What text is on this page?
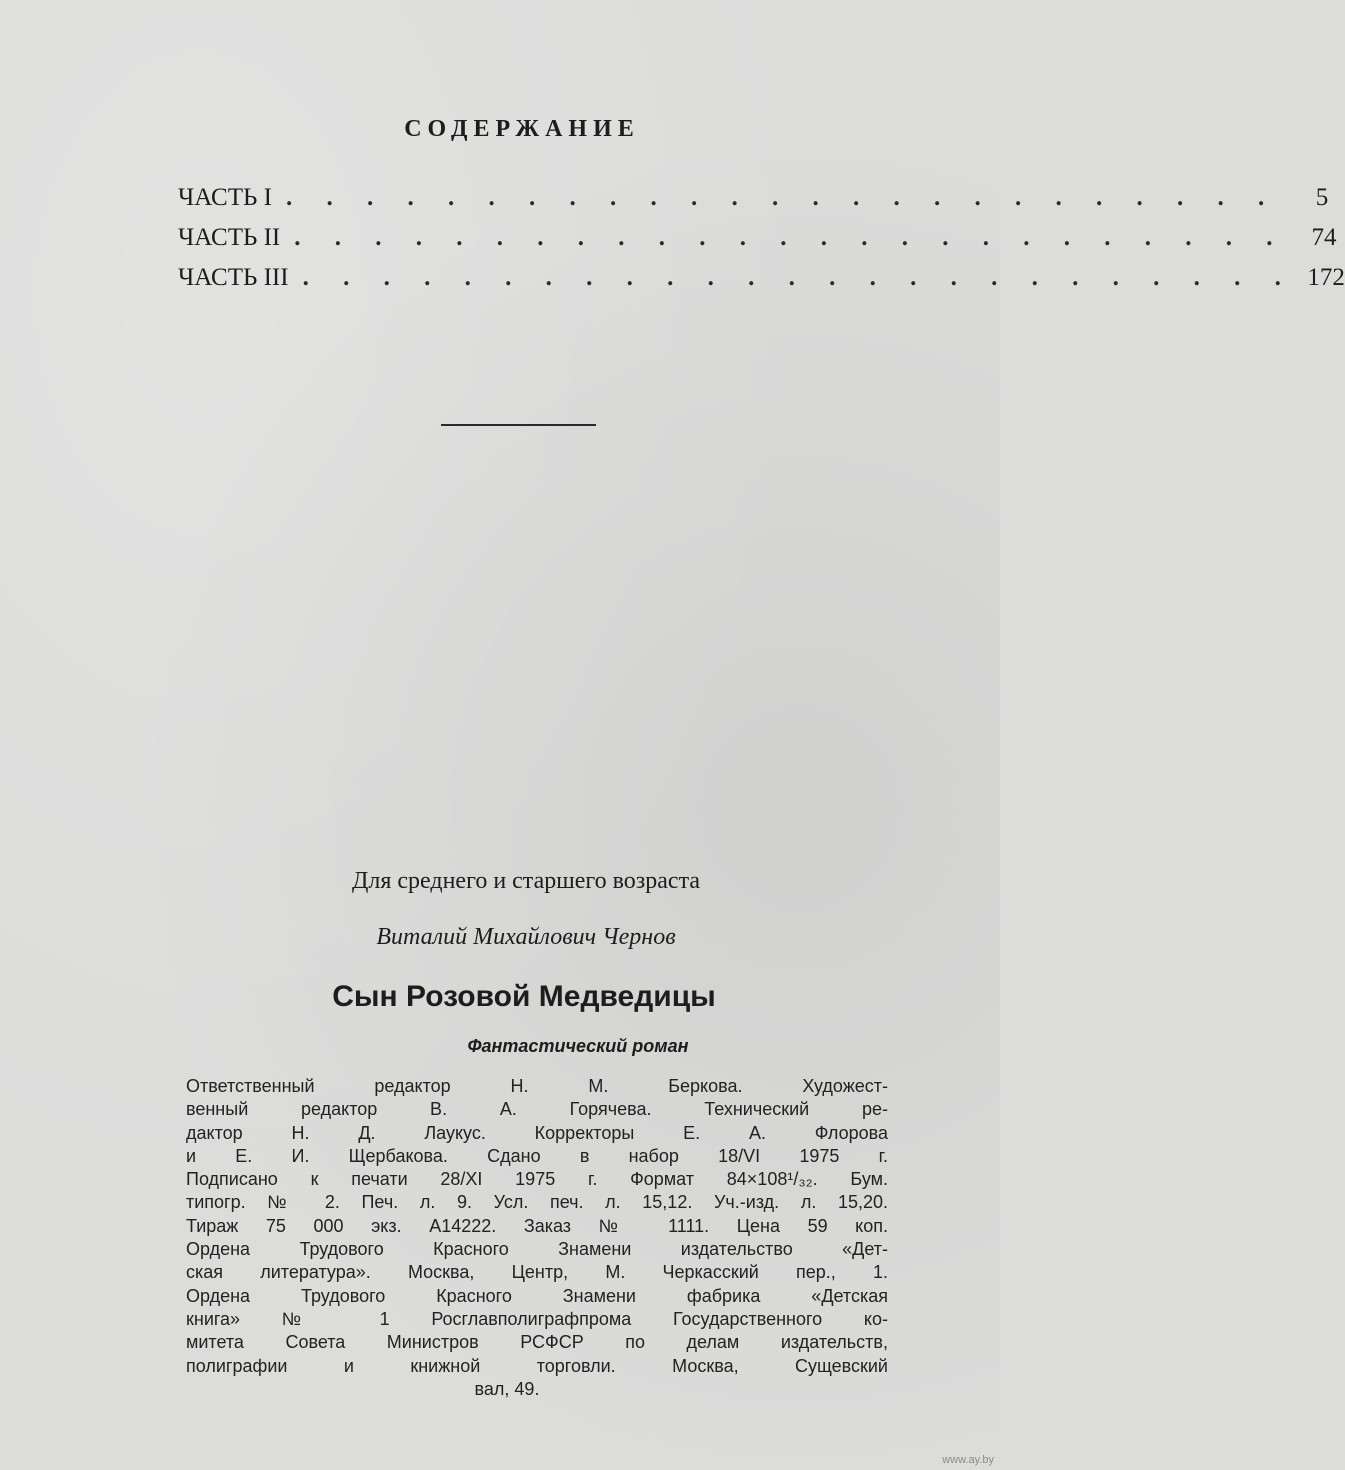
СОДЕРЖАНИЕ
ЧАСТЬ I . . . . . . . . . . . . . . . . . . . . . . . . .	5
ЧАСТЬ II . . . . . . . . . . . . . . . . . . . . . . . . .	74
ЧАСТЬ III . . . . . . . . . . . . . . . . . . . . . . . . . 172
Для среднего и старшего возраста
Виталий Михайлович Чернов
Сын Розовой Медведицы
Фантастический роман
Ответственный редактор Н. М. Беркова. Художест-
венный редактор В. А. Горячева. Технический ре-
дактор Н. Д. Лаукус. Корректоры Е. А. Флорова
и Е. И. Щербакова. Сдано в набор 18/VI 1975 г.
Подписано к печати 28/XI 1975 г. Формат 84×108¹/₃₂. Бум.
типогр. № 2. Печ. л. 9. Усл. печ. л. 15,12. Уч.-изд. л. 15,20.
Тираж 75 000 экз. А14222. Заказ № 1111. Цена 59 коп.
Ордена Трудового Красного Знамени издательство «Дет-
ская литература». Москва, Центр, М. Черкасский пер., 1.
Ордена Трудового Красного Знамени фабрика «Детская
книга» № 1 Росглавполиграфпрома Государственного ко-
митета Совета Министров РСФСР по делам издательств,
полиграфии и книжной торговли. Москва, Сущевский
вал, 49.
www.ay.by
